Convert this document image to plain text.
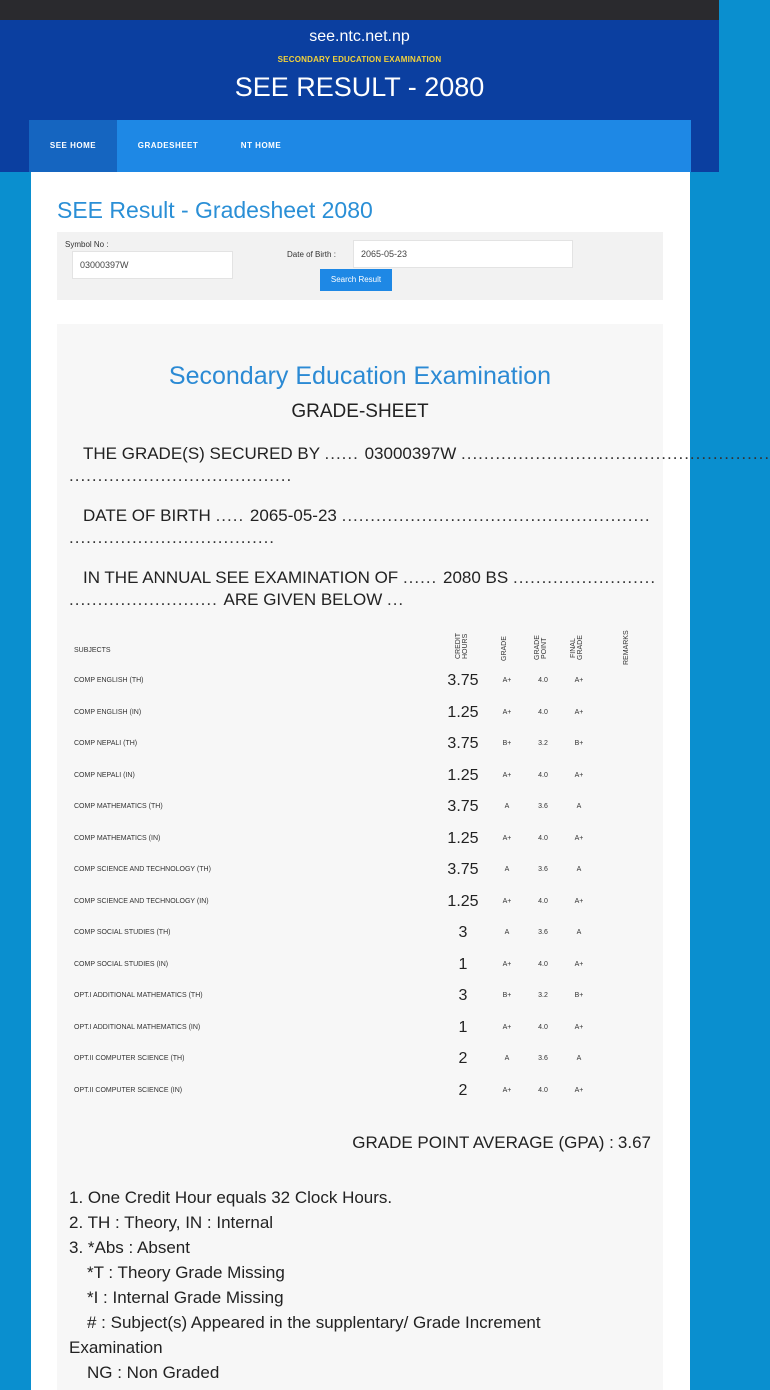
see.ntc.net.np
SECONDARY EDUCATION EXAMINATION
SEE RESULT - 2080
SEE HOME	GRADESHEET	NT HOME
SEE Result - Gradesheet 2080
Symbol No :
03000397W
Date of Birth :	2065-05-23
Search Result
Secondary Education Examination
GRADE-SHEET
THE GRADE(S) SECURED BY ...... 03000397W ......................................................
.......................................
DATE OF BIRTH ..... 2065-05-23 ......................................................
....................................
IN THE ANNUAL SEE EXAMINATION OF ...... 2080 BS .........................
.......................... ARE GIVEN BELOW ...
SUBJECTS	CREDIT HOURS	GRADE	GRADE POINT	FINAL GRADE	REMARKS
COMP ENGLISH (TH)	3.75	A+	4.0	A+
COMP ENGLISH (IN)	1.25	A+	4.0	A+
COMP NEPALI (TH)	3.75	B+	3.2	B+
COMP NEPALI (IN)	1.25	A+	4.0	A+
COMP MATHEMATICS (TH)	3.75	A	3.6	A
COMP MATHEMATICS (IN)	1.25	A+	4.0	A+
COMP SCIENCE AND TECHNOLOGY (TH)	3.75	A	3.6	A
COMP SCIENCE AND TECHNOLOGY (IN)	1.25	A+	4.0	A+
COMP SOCIAL STUDIES (TH)	3	A	3.6	A
COMP SOCIAL STUDIES (IN)	1	A+	4.0	A+
OPT.I ADDITIONAL MATHEMATICS (TH)	3	B+	3.2	B+
OPT.I ADDITIONAL MATHEMATICS (IN)	1	A+	4.0	A+
OPT.II COMPUTER SCIENCE (TH)	2	A	3.6	A
OPT.II COMPUTER SCIENCE (IN)	2	A+	4.0	A+
GRADE POINT AVERAGE (GPA) : 3.67
1. One Credit Hour equals 32 Clock Hours.
2. TH : Theory, IN : Internal
3. *Abs : Absent
*T : Theory Grade Missing
*I : Internal Grade Missing
# : Subject(s) Appeared in the supplentary/ Grade Increment
Examination
NG : Non Graded
